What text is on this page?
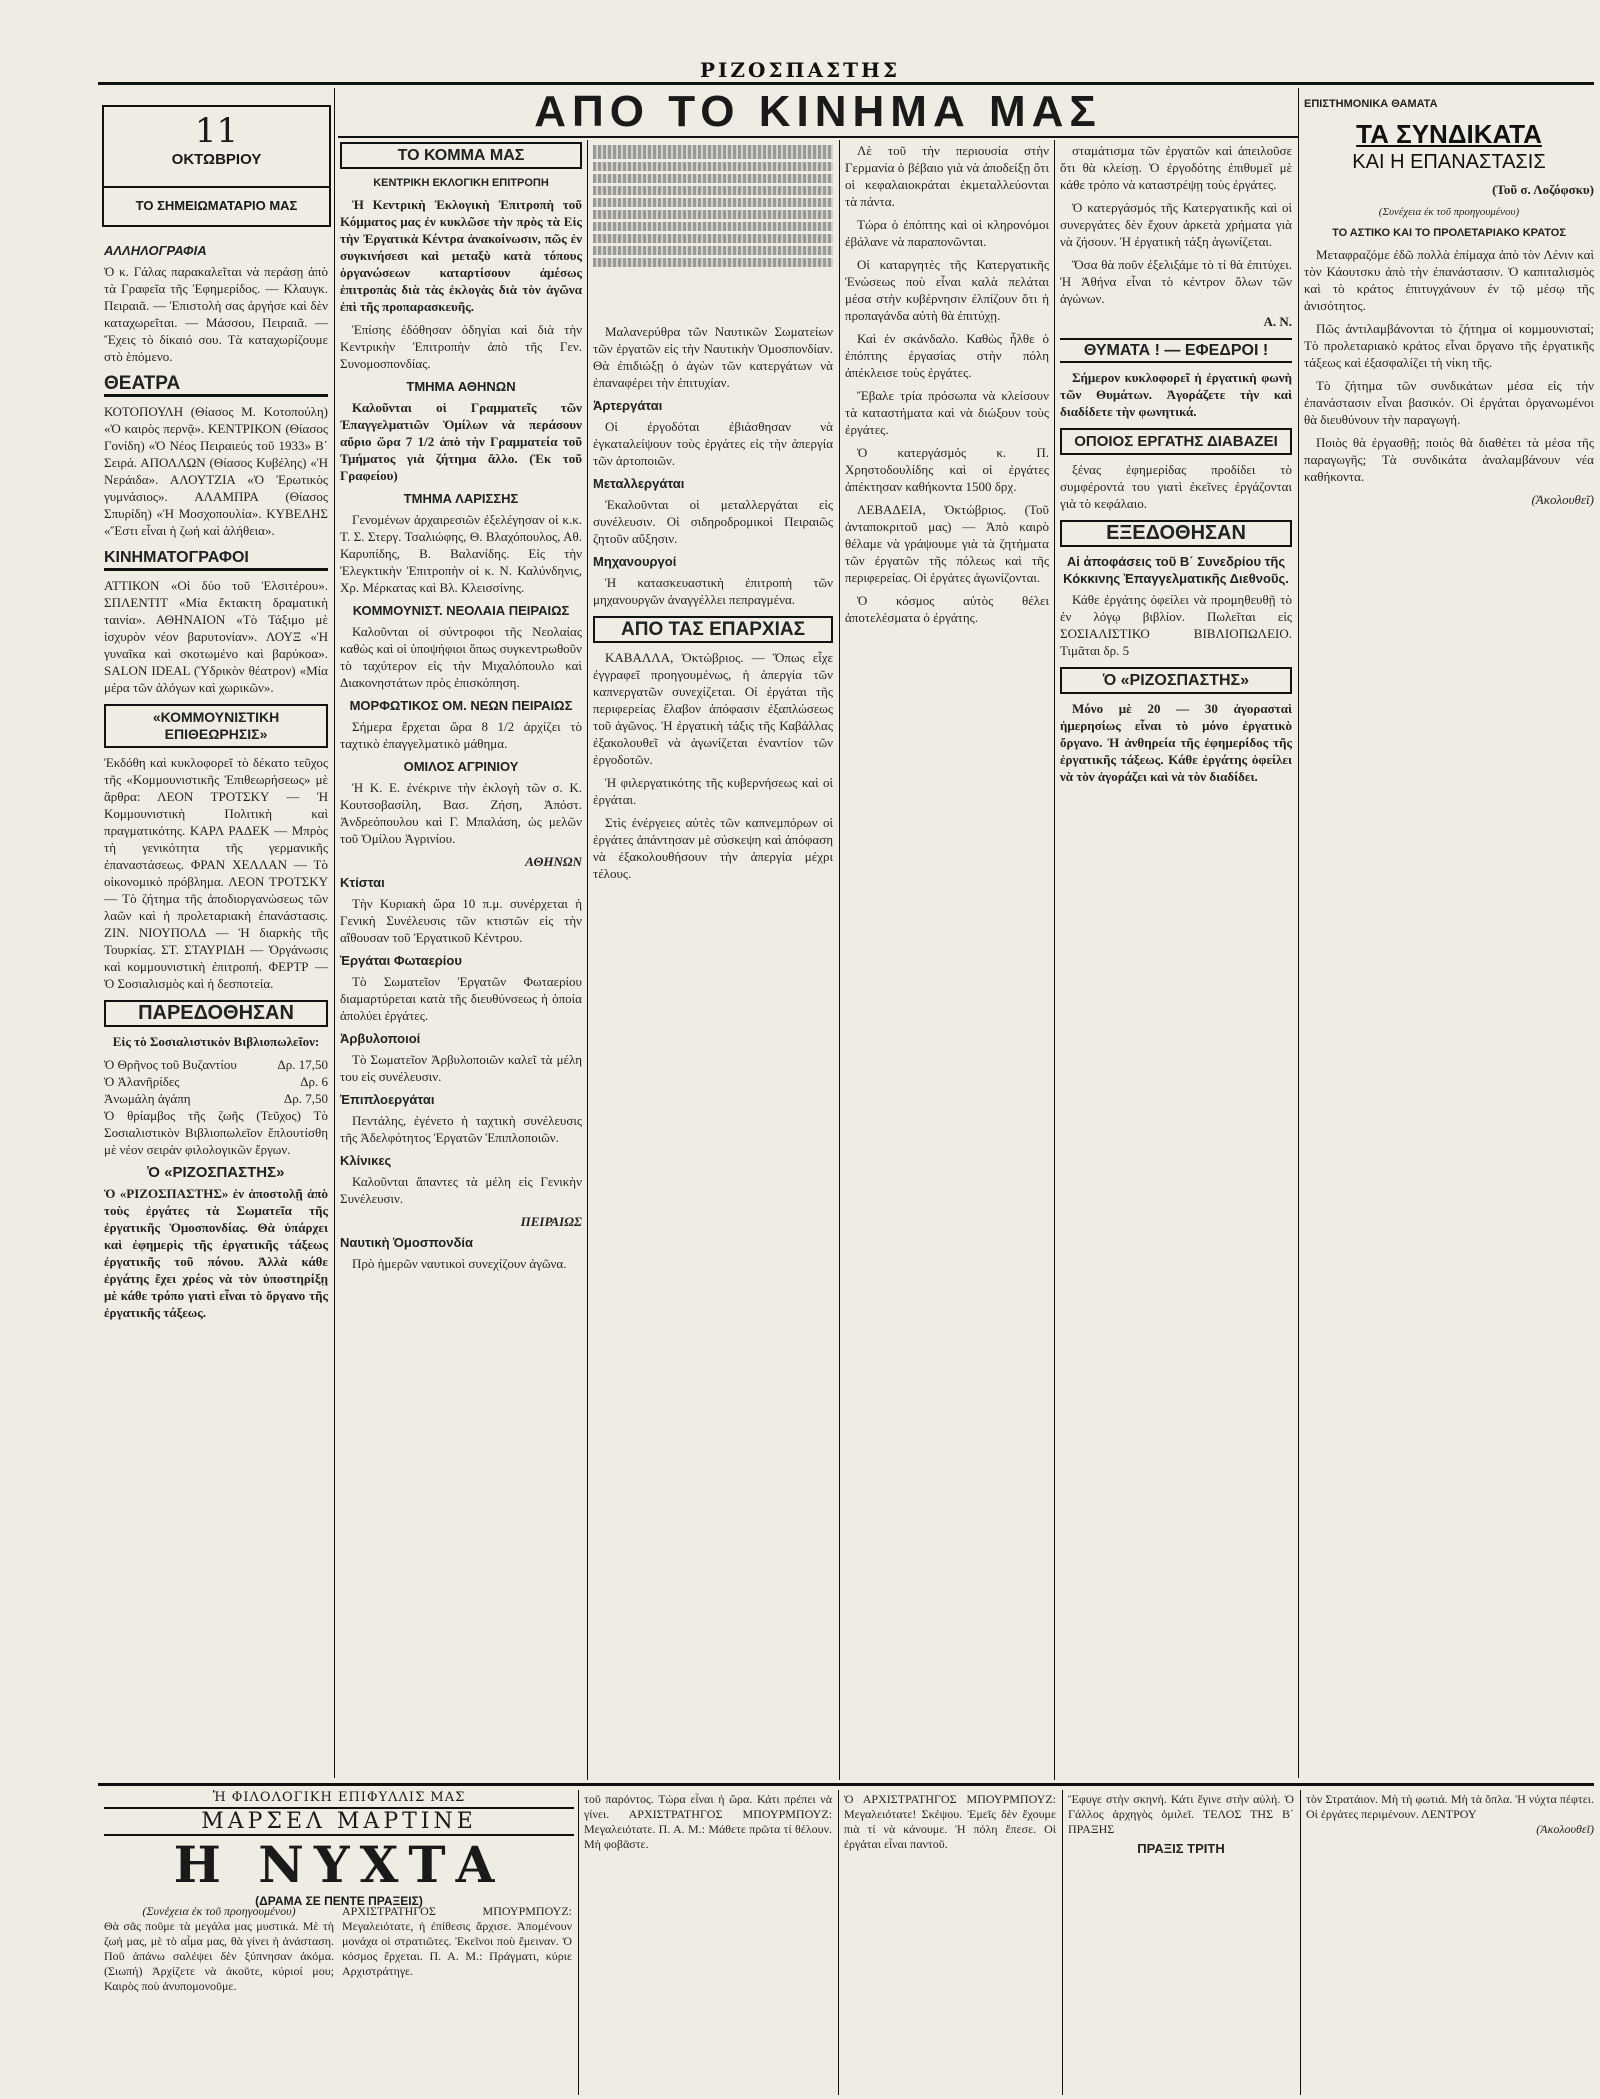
ΡΙΖΟΣΠΑΣΤΗΣ
11
ΟΚΤΩΒΡΙΟΥ
ΤΟ ΣΗΜΕΙΩΜΑΤΑΡΙΟ ΜΑΣ
ΑΠΟ ΤΟ ΚΙΝΗΜΑ ΜΑΣ
ΑΛΛΗΛΟΓΡΑΦΙΑ
Ὁ κ. Γάλας παρακαλεῖται νὰ περάσῃ ἀπὸ τὰ Γραφεῖα τῆς Ἐφημερίδος. — Κλαυγκ. Πειραιᾶ. — Ἐπιστολὴ σας ἀργήσε καὶ δὲν καταχωρεῖται. — Μάσσου, Πειραιᾶ. — Ἔχεις τὸ δίκαιό σου. Τὰ καταχωρίζουμε στὸ ἑπόμενο.
ΘΕΑΤΡΑ
ΚΟΤΟΠΟΥΛΗ (Θίασος Μ. Κοτοπούλη) «Ὁ καιρὸς περνᾷ». ΚΕΝΤΡΙΚΟΝ (Θίασος Γονίδη) «Ὁ Νέος Πειραιεύς τοῦ 1933» Β΄ Σειρά. ΑΠΟΛΛΩΝ (Θίασος Κυβέλης) «Ἡ Νεράιδα». ΑΛΟΥΤΖΙΑ «Ὁ Ἐρωτικὸς γυμνάσιος». ΑΛΑΜΠΡΑ (Θίασος Σπυρίδη) «Ἡ Μοσχοπουλία». ΚΥΒΕΛΗΣ «Ἔστι εἶναι ἡ ζωή καὶ ἀλήθεια».
ΚΙΝΗΜΑΤΟΓΡΑΦΟΙ
ΑΤΤΙΚΟΝ «Οἱ δύο τοῦ Ἑλσιτέρου». ΣΠΛΕΝΤΙΤ «Μία ἔκτακτη δραματικὴ ταινία». ΑΘΗΝΑΙΟΝ «Τὸ Τάξιμο μὲ ἰσχυρὸν νέον βαρυτονίαν». ΛΟΥΞ «Ἡ γυναῖκα καὶ σκοτωμένο καὶ βαρύκοα». SALON IDEAL (Ὑδρικὸν θέατρον) «Μία μέρα τῶν ἀλόγων καὶ χωρικῶν».
«ΚΟΜΜΟΥΝΙΣΤΙΚΗ ΕΠΙΘΕΩΡΗΣΙΣ»
Ἐκδόθη καὶ κυκλοφορεῖ τὸ δέκατο τεῦχος τῆς «Κομμουνιστικῆς Ἐπιθεωρήσεως» μὲ ἄρθρα: ΛΕΟΝ ΤΡΟΤΣΚΥ — Ἡ Κομμουνιστικὴ Πολιτικὴ καὶ πραγματικότης. ΚΑΡΛ ΡΑΔΕΚ — Μπρὸς τὴ γενικότητα τῆς γερμανικῆς ἐπαναστάσεως. ΦΡΑΝ ΧΕΛΛΑΝ — Τὸ οἰκονομικὸ πρόβλημα. ΛΕΟΝ ΤΡΟΤΣΚΥ — Τὸ ζήτημα τῆς ἀποδιοργανώσεως τῶν λαῶν καὶ ἡ προλεταριακὴ ἐπανάστασις. ΖΙΝ. ΝΙΟΥΠΟΛΔ — Ἡ διαρκὴς τῆς Τουρκίας. ΣΤ. ΣΤΑΥΡΙΔΗ — Ὀργάνωσις καὶ κομμουνιστικὴ ἐπιτροπή. ΦΕΡΤΡ — Ὁ Σοσιαλισμὸς καὶ ἡ δεσποτεία.
ΠΑΡΕΔΟΘΗΣΑΝ
Εἰς τὸ Σοσιαλιστικὸν Βιβλιοπωλεῖον:
Ὁ Θρῆνος τοῦ Βυζαντίου	Δρ. 17,50
Ὁ Ἀλανῆρίδες	Δρ. 6
Ἀνωμάλη ἀγάπη	Δρ. 7,50
Ὁ θρίαμβος τῆς ζωῆς (Τεῦχος) Τὸ Σοσιαλιστικὸν Βιβλιοπωλεῖον ἔπλουτίσθη μὲ νέον σειρὰν φιλολογικῶν ἔργων.
Ὁ «ΡΙΖΟΣΠΑΣΤΗΣ»
Ὁ «ΡΙΖΟΣΠΑΣΤΗΣ» ἐν ἀποστολῇ ἀπὸ τοὺς ἐργάτες τὰ Σωματεῖα τῆς ἐργατικῆς Ὁμοσπονδίας. Θὰ ὑπάρχει καὶ ἐφημερὶς τῆς ἐργατικῆς τάξεως ἐργατικῆς τοῦ πόνου. Ἀλλὰ κάθε ἐργάτης ἔχει χρέος νὰ τὸν ὑποστηρίξῃ μὲ κάθε τρόπο γιατὶ εἶναι τὸ ὄργανο τῆς ἐργατικῆς τάξεως.
ΤΟ ΚΟΜΜΑ ΜΑΣ
ΚΕΝΤΡΙΚΗ ΕΚΛΟΓΙΚΗ ΕΠΙΤΡΟΠΗ

Ἡ Κεντρικὴ Ἐκλογικὴ Ἐπιτροπὴ τοῦ Κόμματος μας ἐν κυκλῶσε τὴν πρὸς τὰ Εἰς τὴν Ἐργατικὰ Κέντρα ἀνακοίνωσιν, πῶς ἐν συγκινήσεσι καὶ μεταξὺ κατὰ τόπους ὀργανώσεων καταρτίσουν ἀμέσως ἐπιτροπὰς διὰ τὰς ἐκλογὰς διὰ τὸν ἀγῶνα ἐπὶ τῆς προπαρασκευῆς.

Ἐπίσης ἐδόθησαν ὁδηγίαι καὶ διὰ τὴν Κεντρικὴν Ἐπιτροπὴν ἀπὸ τῆς Γεν. Συνομοσπονδίας.

ΤΜΗΜΑ ΑΘΗΝΩΝ

Καλοῦνται οἱ Γραμματεῖς τῶν Ἐπαγγελματιῶν Ὁμίλων νὰ περάσουν αὔριο ὥρα 7 1/2 ἀπὸ τὴν Γραμματεία τοῦ Τμήματος γιὰ ζήτημα ἄλλο. (Ἐκ τοῦ Γραφείου)

ΤΜΗΜΑ ΛΑΡΙΣΣΗΣ

Γενομένων ἀρχαιρεσιῶν ἐξελέγησαν οἱ κ.κ. Τ. Σ. Στεργ. Τσαλιώφης, Θ. Βλαχόπουλος, Αθ. Καρυπίδης, Β. Βαλανίδης. Εἰς τὴν Ἐλεγκτικὴν Ἐπιτροπὴν οἱ κ. Ν. Καλύνδηνις, Χρ. Μέρκατας καὶ Βλ. Κλεισσίνης.

ΚΟΜΜΟΥΝΙΣΤ. ΝΕΟΛΑΙΑ ΠΕΙΡΑΙΩΣ

Καλοῦνται οἱ σύντροφοι τῆς Νεολαίας καθὼς καὶ οἱ ὑποψήφιοι ὅπως συγκεντρωθοῦν τὸ ταχύτερον εἰς τὴν Μιχαλόπουλο καὶ Διακονηστάτων πρὸς ἐπισκόπηση.

ΜΟΡΦΩΤΙΚΟΣ ΟΜ. ΝΕΩΝ ΠΕΙΡΑΙΩΣ

Σήμερα ἔρχεται ὥρα 8 1/2 ἀρχίζει τὸ ταχτικὸ ἐπαγγελματικὸ μάθημα.

ΟΜΙΛΟΣ ΑΓΡΙΝΙΟΥ

Ἡ Κ. Ε. ἐνέκρινε τὴν ἐκλογὴ τῶν σ. Κ. Κουτσοβασίλη, Βασ. Ζήση, Ἀπόστ. Ἀνδρεόπουλου καὶ Γ. Μπαλάση, ὡς μελῶν τοῦ Ὁμίλου Ἀγρινίου.

ΑΘΗΝΩΝ
Κτίσται

Τὴν Κυριακὴ ὥρα 10 π.μ. συνέρχεται ἡ Γενικὴ Συνέλευσις τῶν κτιστῶν εἰς τὴν αἴθουσαν τοῦ Ἐργατικοῦ Κέντρου.

Ἐργάται Φωταερίου

Τὸ Σωματεῖον Ἐργατῶν Φωταερίου διαμαρτύρεται κατὰ τῆς διευθύνσεως ἡ ὁποία ἀπολύει ἐργάτες.

Ἀρβυλοποιοί

Τὸ Σωματεῖον Ἀρβυλοποιῶν καλεῖ τὰ μέλη του εἰς συνέλευσιν.

Ἐπιπλοεργάται

Πεντάλης, ἐγένετο ἡ ταχτικὴ συνέλευσις τῆς Ἀδελφότητος Ἐργατῶν Ἐπιπλοποιῶν.

Κλίνικες

Καλοῦνται ἅπαντες τὰ μέλη εἰς Γενικὴν Συνέλευσιν.

ΠΕΙΡΑΙΩΣ
Ναυτικὴ Ὁμοσπονδία

Πρὸ ἡμερῶν ναυτικοὶ συνεχίζουν ἀγῶνα.

Μαλανερύθρα τῶν Ναυτικῶν Σωματείων τῶν ἐργατῶν εἰς τὴν Ναυτικὴν Ὁμοσπονδίαν. Θὰ ἐπιδιώξῃ ὁ ἀγὼν τῶν κατεργάτων νὰ ἐπαναφέρει τὴν ἐπιτυχίαν.

Ἀρτεργάται

Οἱ ἐργοδόται ἐβιάσθησαν νὰ ἐγκαταλείψουν τοὺς ἐργάτες εἰς τὴν ἀπεργία τῶν ἀρτοποιῶν.

Μεταλλεργάται

Ἐκαλοῦνται οἱ μεταλλεργάται εἰς συνέλευσιν. Οἱ σιδηροδρομικοὶ Πειραιῶς ζητοῦν αὔξησιν.

Μηχανουργοί

Ἡ κατασκευαστικὴ ἐπιτροπὴ τῶν μηχανουργῶν ἀναγγέλλει πεπραγμένα.

ΑΠΟ ΤΑΣ ΕΠΑΡΧΙΑΣ

ΚΑΒΑΛΛΑ, Ὀκτώβριος. — Ὅπως εἶχε ἐγγραφεῖ προηγουμένως, ἡ ἀπεργία τῶν καπνεργατῶν συνεχίζεται. Οἱ ἐργάται τῆς περιφερείας ἔλαβον ἀπόφασιν ἐξαπλώσεως τοῦ ἀγῶνος. Ἡ ἐργατικὴ τάξις τῆς Καβάλλας ἐξακολουθεῖ νὰ ἀγωνίζεται ἐναντίον τῶν ἐργοδοτῶν.

Ἡ φιλεργατικότης τῆς κυβερνήσεως καὶ οἱ ἐργάται.

Στὶς ἐνέργειες αὐτὲς τῶν καπνεμπόρων οἱ ἐργάτες ἀπάντησαν μὲ σύσκεψη καὶ ἀπόφαση νὰ ἐξακολουθήσουν τὴν ἀπεργία μέχρι τέλους.

Λὲ τοῦ τὴν περιουσία στὴν Γερμανία ὁ βέβαιο γιὰ νὰ ἀποδείξῃ ὅτι οἱ κεφαλαιοκράται ἐκμεταλλεύονται τὰ πάντα.

Τώρα ὁ ἐπόπτης καὶ οἱ κληρονόμοι ἐβάλανε νὰ παραπονῶνται.

Οἱ καταργητὲς τῆς Κατεργατικῆς Ἐνώσεως ποὺ εἶναι καλὰ πελάται μέσα στὴν κυβέρνησιν ἐλπίζουν ὅτι ἡ προπαγάνδα αὐτὴ θὰ ἐπιτύχῃ.

Καὶ ἐν σκάνδαλο. Καθὼς ἦλθε ὁ ἐπόπτης ἐργασίας στὴν πόλη ἀπέκλεισε τοὺς ἐργάτες.

Ἔβαλε τρία πρόσωπα νὰ κλείσουν τὰ καταστήματα καὶ νὰ διώξουν τοὺς ἐργάτες.

Ὁ κατεργάσμός κ. Π. Χρηστοδουλίδης καὶ οἱ ἐργάτες ἀπέκτησαν καθήκοντα 1500 δρχ.

ΛΕΒΑΔΕΙΑ, Ὀκτώβριος. (Τοῦ ἀνταποκριτοῦ μας) — Ἀπὸ καιρὸ θέλαμε νὰ γράψουμε γιὰ τὰ ζητήματα τῶν ἐργατῶν τῆς πόλεως καὶ τῆς περιφερείας. Οἱ ἐργάτες ἀγωνίζονται.

Ὁ κόσμος αὐτὸς θέλει ἀποτελέσματα ὁ ἐργάτης.

σταμάτισμα τῶν ἐργατῶν καὶ ἀπειλοῦσε ὅτι θὰ κλείσῃ. Ὁ ἐργοδότης ἐπιθυμεῖ μὲ κάθε τρόπο νὰ καταστρέψῃ τοὺς ἐργάτες.

Ὁ κατεργάσμός τῆς Κατεργατικῆς καὶ οἱ συνεργάτες δὲν ἔχουν ἀρκετὰ χρήματα γιὰ νὰ ζήσουν. Ἡ ἐργατικὴ τάξη ἀγωνίζεται.

Ὅσα θὰ ποῦν ἐξελιξάμε τὸ τί θὰ ἐπιτύχει. Ἡ Ἀθήνα εἶναι τὸ κέντρον ὅλων τῶν ἀγώνων.

Α. Ν.
ΘΥΜΑΤΑ ! — ΕΦΕΔΡΟΙ !

Σήμερον κυκλοφορεῖ ἡ ἐργατικὴ φωνὴ τῶν Θυμάτων. Ἀγοράζετε τὴν καὶ διαδίδετε τὴν φωνητικά.

ΟΠΟΙΟΣ ΕΡΓΑΤΗΣ ΔΙΑΒΑΖΕΙ

ξένας ἐφημερίδας προδίδει τὸ συμφέροντά του γιατὶ ἐκεῖνες ἐργάζονται γιὰ τὸ κεφάλαιο.

ΕΞΕΔΟΘΗΣΑΝ
Αἱ ἀποφάσεις τοῦ Β΄ Συνεδρίου τῆς Κόκκινης Ἐπαγγελματικῆς Διεθνοῦς.

Κάθε ἐργάτης ὀφείλει νὰ προμηθευθῇ τὸ ἐν λόγῳ βιβλίον. Πωλεῖται εἰς ΣΟΣΙΑΛΙΣΤΙΚΟ ΒΙΒΛΙΟΠΩΛΕΙΟ. Τιμᾶται δρ. 5

Ὁ «ΡΙΖΟΣΠΑΣΤΗΣ»

Μόνο μὲ 20 — 30 ἀγορασταὶ ἡμερησίως εἶναι τὸ μόνο ἐργατικὸ ὄργανο. Ἡ ἀνθηρεία τῆς ἐφημερίδος τῆς ἐργατικῆς τάξεως. Κάθε ἐργάτης ὀφείλει νὰ τὸν ἀγοράζει καὶ νὰ τὸν διαδίδει.

ΕΠΙΣΤΗΜΟΝΙΚΑ ΘΑΜΑΤΑ
ΤΑ ΣΥΝΔΙΚΑΤΑ
ΚΑΙ Η ΕΠΑΝΑΣΤΑΣΙΣ
(Τοῦ σ. Λοζόφσκυ)
(Συνέχεια ἐκ τοῦ προηγουμένου)
ΤΟ ΑΣΤΙΚΟ ΚΑΙ ΤΟ ΠΡΟΛΕΤΑΡΙΑΚΟ ΚΡΑΤΟΣ

Μεταφραζόμε ἐδῶ πολλὰ ἐπίμαχα ἀπὸ τὸν Λένιν καὶ τὸν Κάουτσκυ ἀπὸ τὴν ἐπανάστασιν. Ὁ καπιταλισμὸς καὶ τὸ κράτος ἐπιτυγχάνουν ἐν τῷ μέσῳ τῆς ἀνισότητος.

Πῶς ἀντιλαμβάνονται τὸ ζήτημα οἱ κομμουνισταί; Τὸ προλεταριακὸ κράτος εἶναι ὄργανο τῆς ἐργατικῆς τάξεως καὶ ἐξασφαλίζει τὴ νίκη τῆς.

Τὸ ζήτημα τῶν συνδικάτων μέσα εἰς τὴν ἐπανάστασιν εἶναι βασικόν. Οἱ ἐργάται ὀργανωμένοι θὰ διευθύνουν τὴν παραγωγή.

Ποιὸς θὰ ἐργασθῇ; ποιὸς θὰ διαθέτει τὰ μέσα τῆς παραγωγῆς; Τὰ συνδικάτα ἀναλαμβάνουν νέα καθήκοντα.

(Ἀκολουθεῖ)
Ἡ ΦΙΛΟΛΟΓΙΚΗ ΕΠΙΦΥΛΛΙΣ ΜΑΣ
ΜΑΡΣΕΛ ΜΑΡΤΙΝΕ
Η ΝΥΧΤΑ
(ΔΡΑΜΑ ΣΕ ΠΕΝΤΕ ΠΡΑΞΕΙΣ)
(Συνέχεια ἐκ τοῦ προηγουμένου)
Θὰ σᾶς ποῦμε τὰ μεγάλα μας μυστικά. Μὲ τὴ ζωή μας, μὲ τὸ αἷμα μας, θὰ γίνει ἡ ἀνάσταση. Ποῦ ἀπάνω σαλέψει δὲν ξύπνησαν ἀκόμα. (Σιωπή) Ἀρχίζετε νὰ ἀκοῦτε, κύριοί μου; Καιρὸς ποὺ ἀνυπομονοῦμε.
ΑΡΧΙΣΤΡΑΤΗΓΟΣ ΜΠΟΥΡΜΠΟΥΖ: Μεγαλειότατε, ἡ ἐπίθεσις ἄρχισε. Ἀπομένουν μονάχα οἱ στρατιῶτες. Ἐκεῖνοι ποὺ ἔμειναν. Ὁ κόσμος ἔρχεται. Π. Α. Μ.: Πράγματι, κύριε Αρχιστράτηγε.
τοῦ παρόντος. Τώρα εἶναι ἡ ὥρα. Κάτι πρέπει νὰ γίνει. ΑΡΧΙΣΤΡΑΤΗΓΟΣ ΜΠΟΥΡΜΠΟΥΖ: Μεγαλειότατε. Π. Α. Μ.: Μάθετε πρῶτα τί θέλουν. Μὴ φοβᾶστε.
Ὁ ΑΡΧΙΣΤΡΑΤΗΓΟΣ ΜΠΟΥΡΜΠΟΥΖ: Μεγαλειότατε! Σκέψου. Ἐμεῖς δὲν ἔχουμε πιὰ τί νὰ κάνουμε. Ἡ πόλη ἔπεσε. Οἱ ἐργάται εἶναι παντοῦ.
Ἔφυγε στὴν σκηνὴ. Κάτι ἔγινε στὴν αὐλή. Ὁ Γάλλος ἀρχηγὸς ὁμιλεῖ. ΤΕΛΟΣ ΤΗΣ Β΄ ΠΡΑΞΗΣ
ΠΡΑΞΙΣ ΤΡΙΤΗ
τὸν Στρατάιον. Μὴ τὴ φωτιά. Μὴ τὰ ὅπλα. Ἡ νύχτα πέφτει. Οἱ ἐργάτες περιμένουν. ΛΕΝΤΡΟΥ
(Ἀκολουθεῖ)
